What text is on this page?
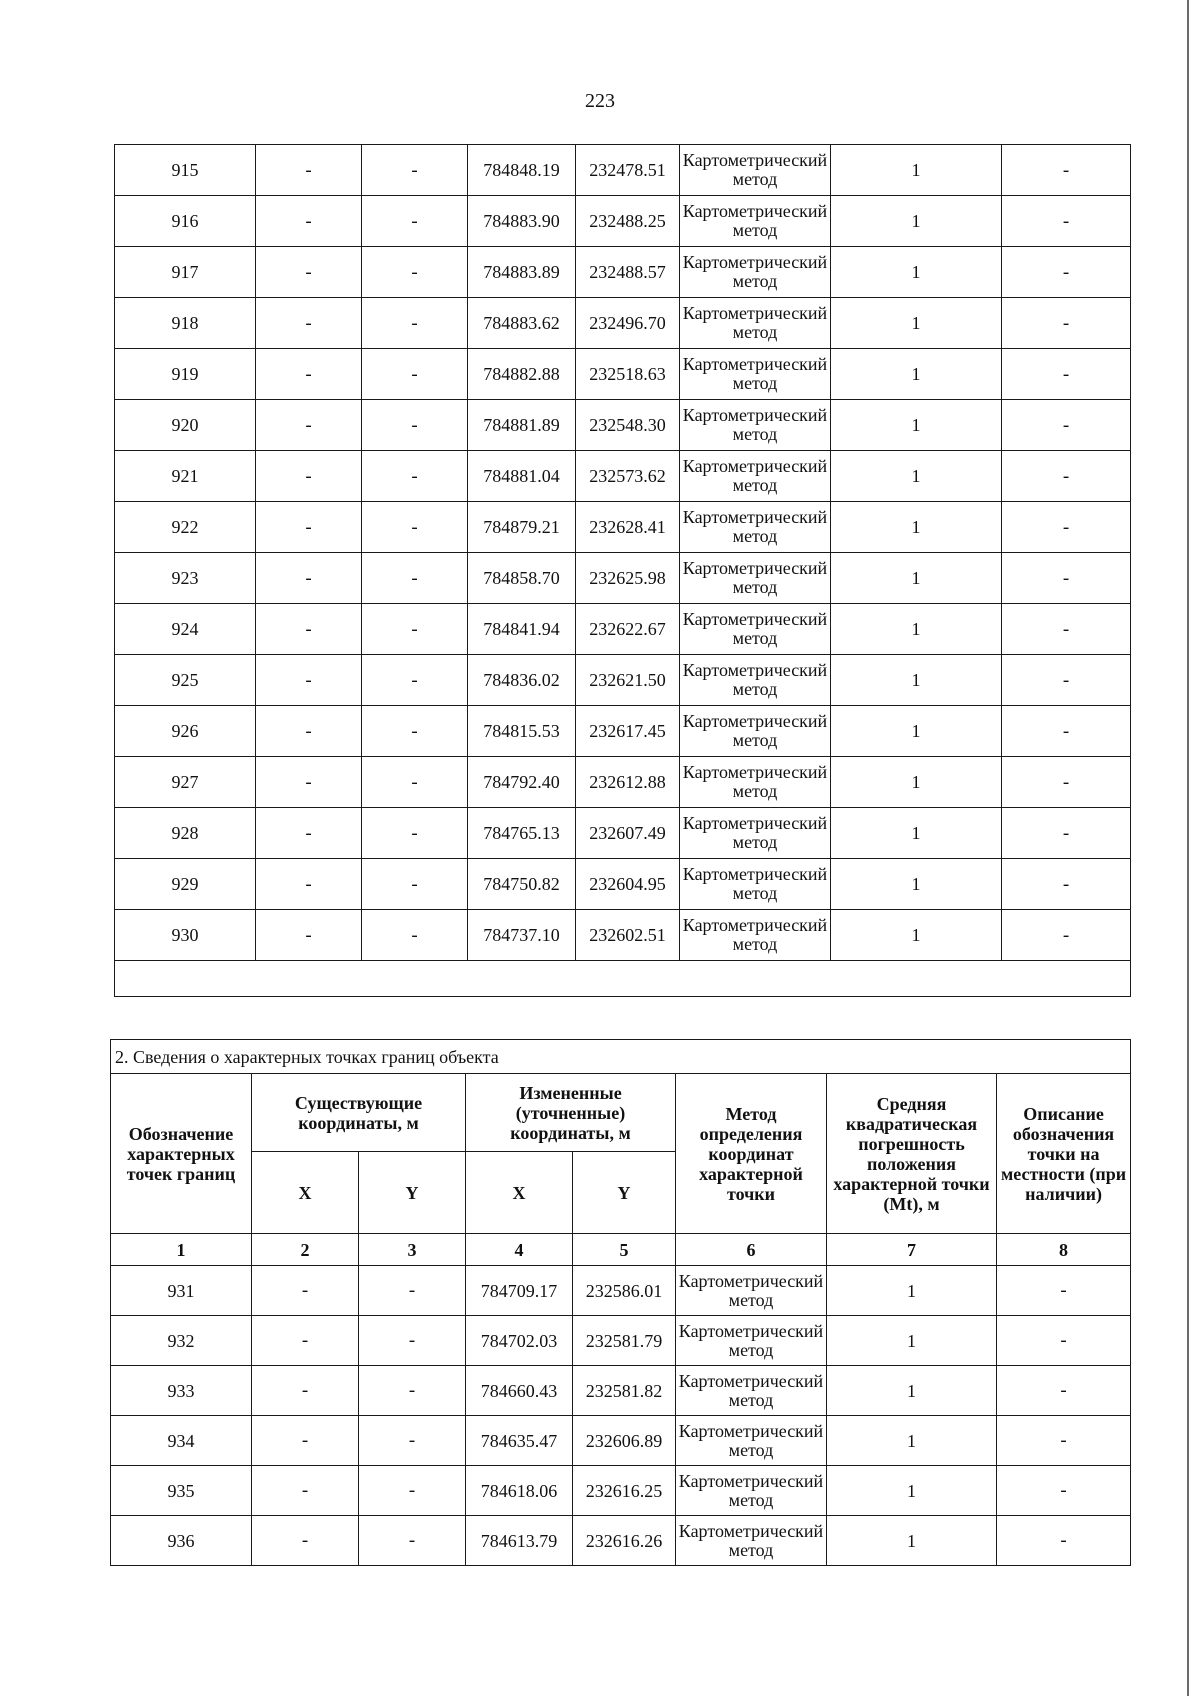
223
915	-	-	784848.19	232478.51	Картометрический метод	1	-
916	-	-	784883.90	232488.25	Картометрический метод	1	-
917	-	-	784883.89	232488.57	Картометрический метод	1	-
918	-	-	784883.62	232496.70	Картометрический метод	1	-
919	-	-	784882.88	232518.63	Картометрический метод	1	-
920	-	-	784881.89	232548.30	Картометрический метод	1	-
921	-	-	784881.04	232573.62	Картометрический метод	1	-
922	-	-	784879.21	232628.41	Картометрический метод	1	-
923	-	-	784858.70	232625.98	Картометрический метод	1	-
924	-	-	784841.94	232622.67	Картометрический метод	1	-
925	-	-	784836.02	232621.50	Картометрический метод	1	-
926	-	-	784815.53	232617.45	Картометрический метод	1	-
927	-	-	784792.40	232612.88	Картометрический метод	1	-
928	-	-	784765.13	232607.49	Картометрический метод	1	-
929	-	-	784750.82	232604.95	Картометрический метод	1	-
930	-	-	784737.10	232602.51	Картометрический метод	1	-

2. Сведения о характерных точках границ объекта							
Обозначение характерных точек границ	Существующие координаты, м		Измененные (уточненные) координаты, м		Метод определения координат характерной точки	Средняя квадратическая погрешность положения характерной точки (Mt), м	Описание обозначения точки на местности (при наличии)
	X	Y	X	Y			
1	2	3	4	5	6	7	8
931	-	-	784709.17	232586.01	Картометрический метод	1	-
932	-	-	784702.03	232581.79	Картометрический метод	1	-
933	-	-	784660.43	232581.82	Картометрический метод	1	-
934	-	-	784635.47	232606.89	Картометрический метод	1	-
935	-	-	784618.06	232616.25	Картометрический метод	1	-
936	-	-	784613.79	232616.26	Картометрический метод	1	-
